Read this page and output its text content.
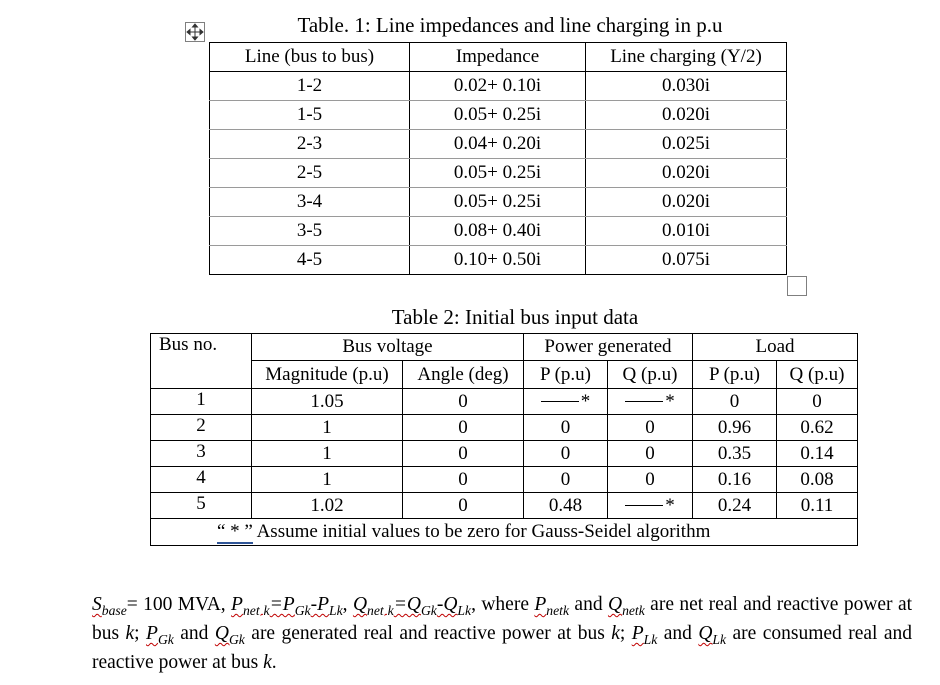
Table. 1: Line impedances and line charging in p.u
Line (bus to bus)	Impedance	Line charging (Y/2)
1-2	0.02+ 0.10i	0.030i
1-5	0.05+ 0.25i	0.020i
2-3	0.04+ 0.20i	0.025i
2-5	0.05+ 0.25i	0.020i
3-4	0.05+ 0.25i	0.020i
3-5	0.08+ 0.40i	0.010i
4-5	0.10+ 0.50i	0.075i
Table 2: Initial bus input data
Bus no.	Bus voltage		Power generated		Load	
	Magnitude (p.u)	Angle (deg)	P (p.u)	Q (p.u)	P (p.u)	Q (p.u)
1	1.05	0	*	*	0	0
2	1	0	0	0	0.96	0.62
3	1	0	0	0	0.35	0.14
4	1	0	0	0	0.16	0.08
5	1.02	0	0.48	*	0.24	0.11
“ * ” Assume initial values to be zero for Gauss-Seidel algorithm						
$S_{base}= 100$ MVA, $P_{net k}=P_{Gk}-P_{Lk}$, $Q_{net k}=Q_{Gk}-Q_{Lk}$, where $P_{netk}$ and $Q_{netk}$ are net real and reactive power at bus k; $P_{Gk}$ and $Q_{Gk}$ are generated real and reactive power at bus k; $P_{Lk}$ and $Q_{Lk}$ are consumed real and reactive power at bus k.
